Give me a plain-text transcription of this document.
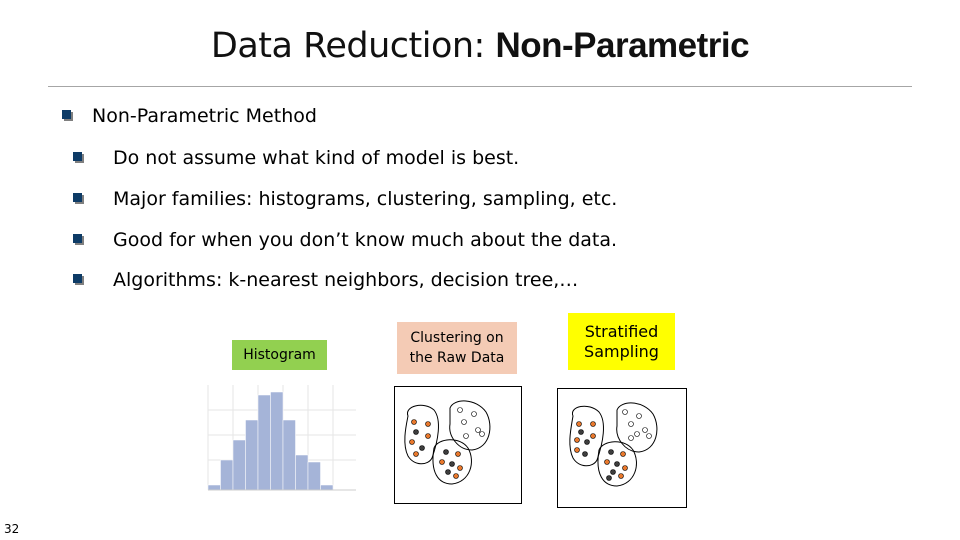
Data Reduction: Non-Parametric
Non-Parametric Method
Do not assume what kind of model is best.
Major families: histograms, clustering, sampling, etc.
Good for when you don’t know much about the data.
Algorithms: k-nearest neighbors, decision tree,…
Histogram
Clustering on the Raw Data
Stratified Sampling
32
